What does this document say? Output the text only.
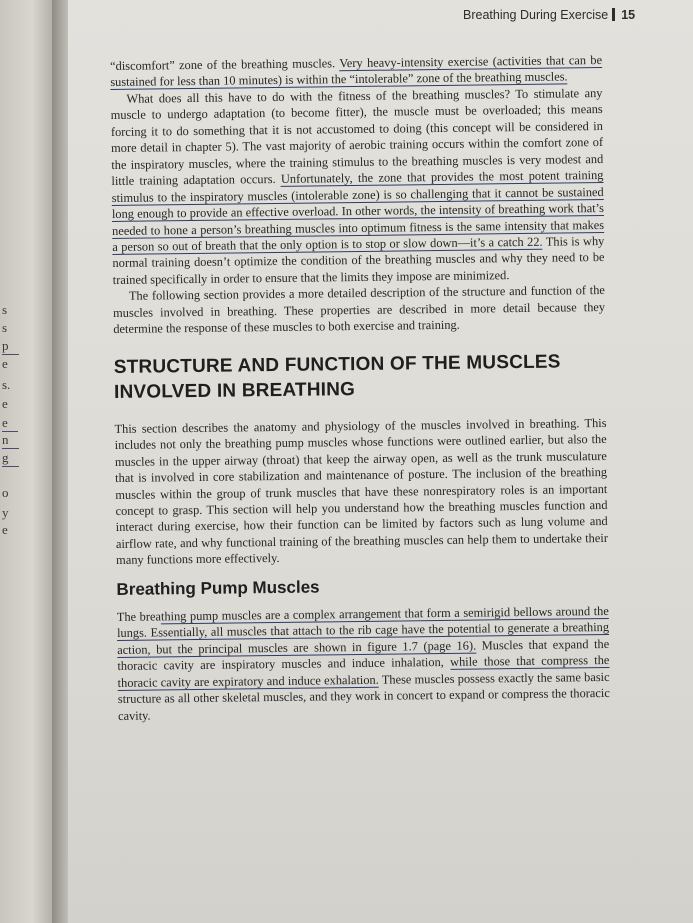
s
s
p
e
s.
e
e
n
g
o
y
e
Breathing During Exercise 15

“discomfort” zone of the breathing muscles. Very heavy-intensity exercise (activities that can be sustained for less than 10 minutes) is within the “intolerable” zone of the breathing muscles.

What does all this have to do with the fitness of the breathing muscles? To stimulate any muscle to undergo adaptation (to become fitter), the muscle must be overloaded; this means forcing it to do something that it is not accustomed to doing (this concept will be considered in more detail in chapter 5). The vast majority of aerobic training occurs within the comfort zone of the inspiratory muscles, where the training stimulus to the breathing muscles is very modest and little training adaptation occurs. Unfortunately, the zone that provides the most potent training stimulus to the inspiratory muscles (intolerable zone) is so challenging that it cannot be sustained long enough to provide an effective overload. In other words, the intensity of breathing work that’s needed to hone a person’s breathing muscles into optimum fitness is the same intensity that makes a person so out of breath that the only option is to stop or slow down—it’s a catch 22. This is why normal training doesn’t optimize the condition of the breathing muscles and why they need to be trained specifically in order to ensure that the limits they impose are minimized.

The following section provides a more detailed description of the structure and function of the muscles involved in breathing. These properties are described in more detail because they determine the response of these muscles to both exercise and training.

STRUCTURE AND FUNCTION OF THE MUSCLES INVOLVED IN BREATHING

This section describes the anatomy and physiology of the muscles involved in breathing. This includes not only the breathing pump muscles whose functions were outlined earlier, but also the muscles in the upper airway (throat) that keep the airway open, as well as the trunk musculature that is involved in core stabilization and maintenance of posture. The inclusion of the breathing muscles within the group of trunk muscles that have these nonrespiratory roles is an important concept to grasp. This section will help you understand how the breathing muscles function and interact during exercise, how their function can be limited by factors such as lung volume and airflow rate, and why functional training of the breathing muscles can help them to undertake their many functions more effectively.

Breathing Pump Muscles

The breathing pump muscles are a complex arrangement that form a semirigid bellows around the lungs. Essentially, all muscles that attach to the rib cage have the potential to generate a breathing action, but the principal muscles are shown in figure 1.7 (page 16). Muscles that expand the thoracic cavity are inspiratory muscles and induce inhalation, while those that compress the thoracic cavity are expiratory and induce exhalation. These muscles possess exactly the same basic structure as all other skeletal muscles, and they work in concert to expand or compress the thoracic cavity.
